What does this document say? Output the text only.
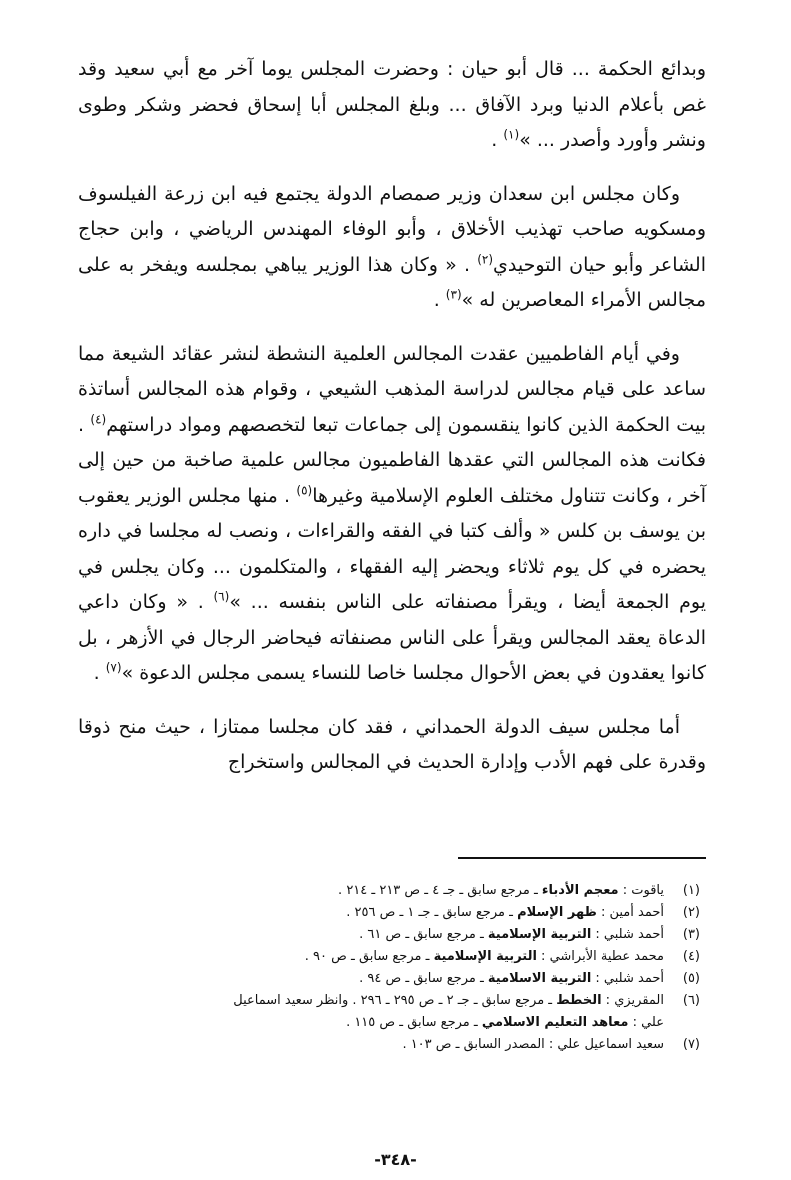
وبدائع الحكمة ... قال أبو حيان : وحضرت المجلس يوما آخر مع أبي سعيد وقد غص بأعلام الدنيا وبرد الآفاق ... وبلغ المجلس أبا إسحاق فحضر وشكر وطوى ونشر وأورد وأصدر ... »$^{(١)}$ .

وكان مجلس ابن سعدان وزير صمصام الدولة يجتمع فيه ابن زرعة الفيلسوف ومسكويه صاحب تهذيب الأخلاق ، وأبو الوفاء المهندس الرياضي ، وابن حجاج الشاعر وأبو حيان التوحيدي$^{(٢)}$ . « وكان هذا الوزير يباهي بمجلسه ويفخر به على مجالس الأمراء المعاصرين له »$^{(٣)}$ .

وفي أيام الفاطميين عقدت المجالس العلمية النشطة لنشر عقائد الشيعة مما ساعد على قيام مجالس لدراسة المذهب الشيعي ، وقوام هذه المجالس أساتذة بيت الحكمة الذين كانوا ينقسمون إلى جماعات تبعا لتخصصهم ومواد دراستهم$^{(٤)}$ . فكانت هذه المجالس التي عقدها الفاطميون مجالس علمية صاخبة من حين إلى آخر ، وكانت تتناول مختلف العلوم الإسلامية وغيرها$^{(٥)}$ . منها مجلس الوزير يعقوب بن يوسف بن كلس « وألف كتبا في الفقه والقراءات ، ونصب له مجلسا في داره يحضره في كل يوم ثلاثاء ويحضر إليه الفقهاء ، والمتكلمون ... وكان يجلس في يوم الجمعة أيضا ، ويقرأ مصنفاته على الناس بنفسه ... »$^{(٦)}$ . « وكان داعي الدعاة يعقد المجالس ويقرأ على الناس مصنفاته فيحاضر الرجال في الأزهر ، بل كانوا يعقدون في بعض الأحوال مجلسا خاصا للنساء يسمى مجلس الدعوة »$^{(٧)}$ .

أما مجلس سيف الدولة الحمداني ، فقد كان مجلسا ممتازا ، حيث منح ذوقا وقدرة على فهم الأدب وإدارة الحديث في المجالس واستخراج

(١)
ياقوت : معجم الأدباء ـ مرجع سابق ـ جـ ٤ ـ ص ٢١٣ ـ ٢١٤ .
(٢)
أحمد أمين : ظهر الإسلام ـ مرجع سابق ـ جـ ١ ـ ص ٢٥٦ .
(٣)
أحمد شلبي : التربية الإسلامية ـ مرجع سابق ـ ص ٦١ .
(٤)
محمد عطية الأبراشي : التربية الإسلامية ـ مرجع سابق ـ ص ٩٠ .
(٥)
أحمد شلبي : التربية الاسلامية ـ مرجع سابق ـ ص ٩٤ .
(٦)
المقريزي : الخطط ـ مرجع سابق ـ جـ ٢ ـ ص ٢٩٥ ـ ٢٩٦ . وانظر سعيد اسماعيل
علي : معاهد التعليم الاسلامي ـ مرجع سابق ـ ص ١١٥ .
(٧)
سعيد اسماعيل علي : المصدر السابق ـ ص ١٠٣ .
-٣٤٨-
